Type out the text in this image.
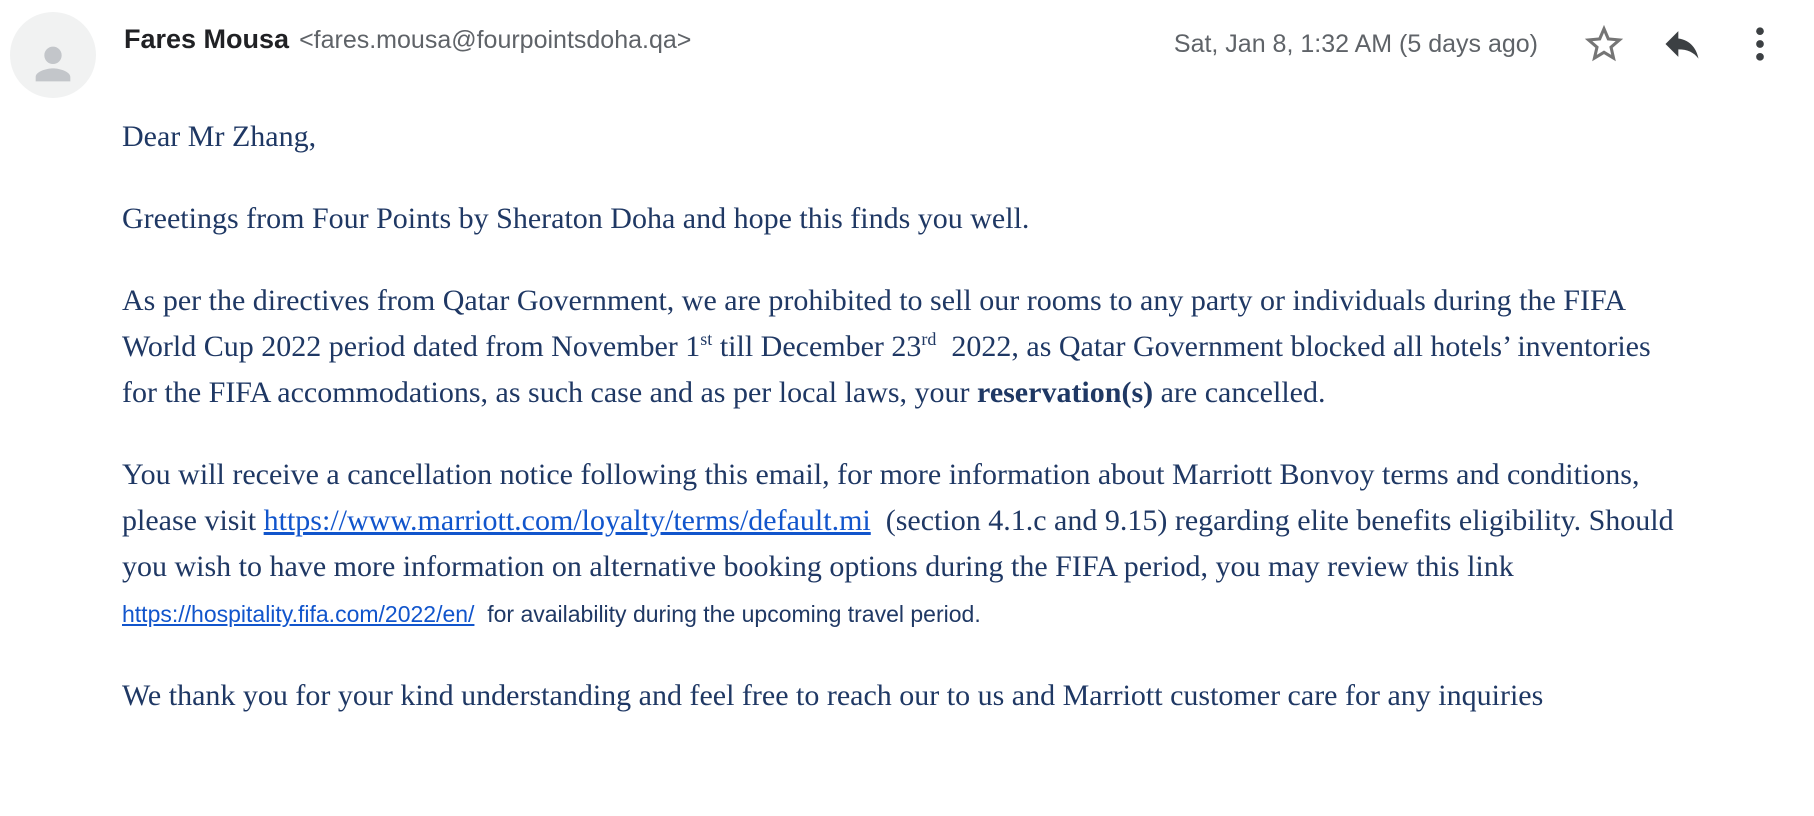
Fares Mousa <fares.mousa@fourpointsdoha.qa>	Sat, Jan 8, 1:32 AM (5 days ago)

Dear Mr Zhang,

Greetings from Four Points by Sheraton Doha and hope this finds you well.

As per the directives from Qatar Government, we are prohibited to sell our rooms to any party or individuals during the FIFA
World Cup 2022 period dated from November 1st till December 23rd  2022, as Qatar Government blocked all hotels’ inventories
for the FIFA accommodations, as such case and as per local laws, your reservation(s) are cancelled.

You will receive a cancellation notice following this email, for more information about Marriott Bonvoy terms and conditions,
please visit https://www.marriott.com/loyalty/terms/default.mi  (section 4.1.c and 9.15) regarding elite benefits eligibility. Should
you wish to have more information on alternative booking options during the FIFA period, you may review this link
https://hospitality.fifa.com/2022/en/  for availability during the upcoming travel period.

We thank you for your kind understanding and feel free to reach our to us and Marriott customer care for any inquiries
